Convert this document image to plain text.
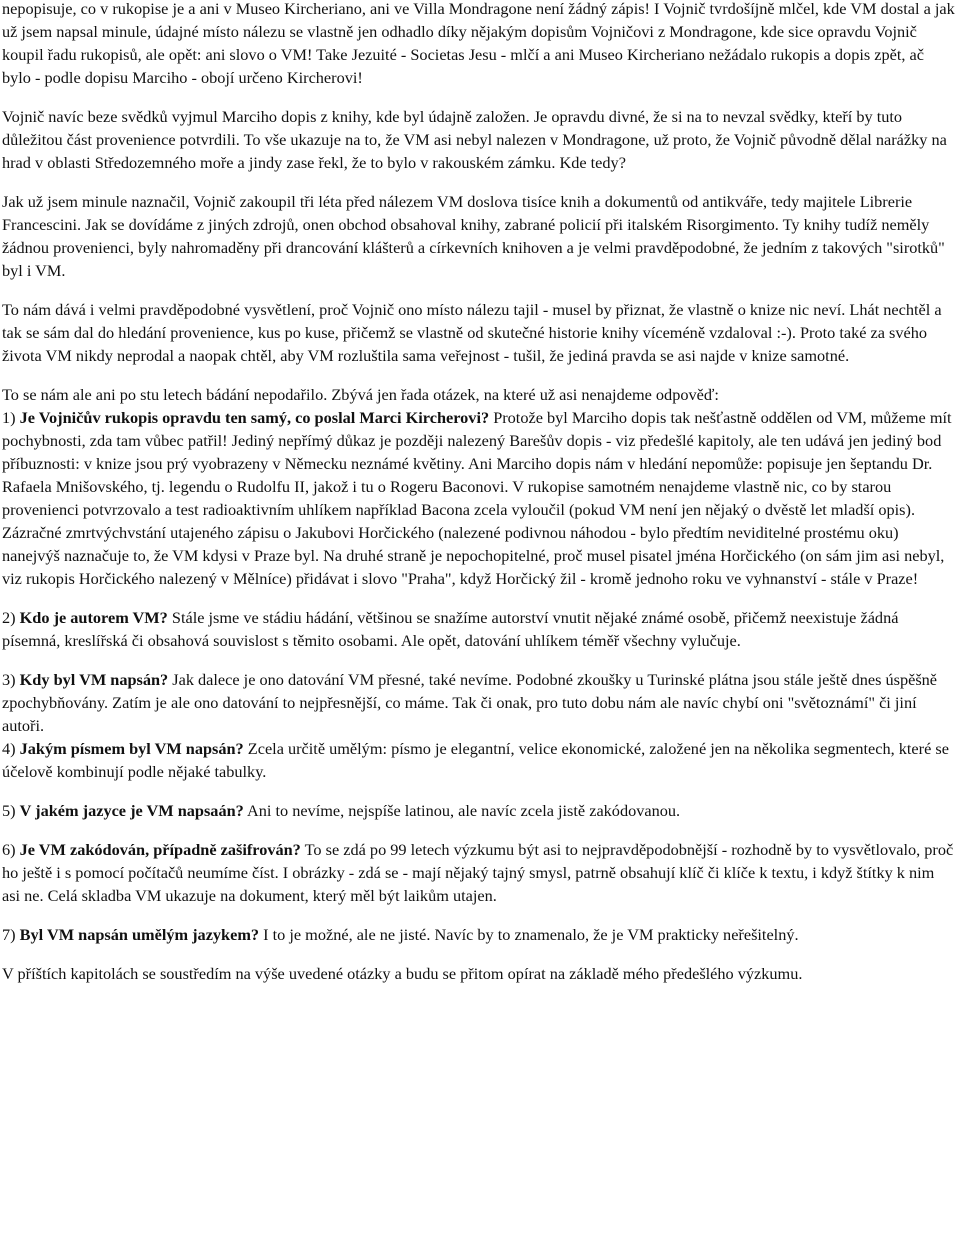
nepopisuje, co v rukopise je a ani v Museo Kircheriano, ani ve Villa Mondragone není žádný zápis! I Vojnič tvrdošíjně mlčel, kde VM dostal a jak už jsem napsal minule, údajné místo nálezu se vlastně jen odhadlo díky nějakým dopisům Vojničovi z Mondragone, kde sice opravdu Vojnič koupil řadu rukopisů, ale opět: ani slovo o VM! Take Jezuité - Societas Jesu - mlčí a ani Museo Kircheriano nežádalo rukopis a dopis zpět, ač bylo - podle dopisu Marciho - obojí určeno Kircherovi!

Vojnič navíc beze svědků vyjmul Marciho dopis z knihy, kde byl údajně založen. Je opravdu divné, že si na to nevzal svědky, kteří by tuto důležitou část provenience potvrdili. To vše ukazuje na to, že VM asi nebyl nalezen v Mondragone, už proto, že Vojnič původně dělal narážky na hrad v oblasti Středozemného moře a jindy zase řekl, že to bylo v rakouském zámku. Kde tedy?

Jak už jsem minule naznačil, Vojnič zakoupil tři léta před nálezem VM doslova tisíce knih a dokumentů od antikváře, tedy majitele Librerie Francescini. Jak se dovídáme z jiných zdrojů, onen obchod obsahoval knihy, zabrané policií při italském Risorgimento. Ty knihy tudíž neměly žádnou provenienci, byly nahromaděny při drancování klášterů a církevních knihoven a je velmi pravděpodobné, že jedním z takových "sirotků" byl i VM.

To nám dává i velmi pravděpodobné vysvětlení, proč Vojnič ono místo nálezu tajil - musel by přiznat, že vlastně o knize nic neví. Lhát nechtěl a tak se sám dal do hledání provenience, kus po kuse, přičemž se vlastně od skutečné historie knihy víceméně vzdaloval :-). Proto také za svého života VM nikdy neprodal a naopak chtěl, aby VM rozluštila sama veřejnost - tušil, že jediná pravda se asi najde v knize samotné.

To se nám ale ani po stu letech bádání nepodařilo. Zbývá jen řada otázek, na které už asi nenajdeme odpověď:

1) Je Vojničův rukopis opravdu ten samý, co poslal Marci Kircherovi? Protože byl Marciho dopis tak nešťastně oddělen od VM, můžeme mít pochybnosti, zda tam vůbec patřil! Jediný nepřímý důkaz je později nalezený Barešův dopis - viz předešlé kapitoly, ale ten udává jen jediný bod příbuznosti: v knize jsou prý vyobrazeny v Německu neznámé květiny. Ani Marciho dopis nám v hledání nepomůže: popisuje jen šeptandu Dr. Rafaela Mnišovského, tj. legendu o Rudolfu II, jakož i tu o Rogeru Baconovi. V rukopise samotném nenajdeme vlastně nic, co by starou provenienci potvrzovalo a test radioaktivním uhlíkem například Bacona zcela vyloučil (pokud VM není jen nějaký o dvěstě let mladší opis). Zázračné zmrtvýchvstání utajeného zápisu o Jakubovi Horčického (nalezené podivnou náhodou - bylo předtím neviditelné prostému oku) nanejvýš naznačuje to, že VM kdysi v Praze byl. Na druhé straně je nepochopitelné, proč musel pisatel jména Horčického (on sám jim asi nebyl, viz rukopis Horčického nalezený v Mělníce) přidávat i slovo "Praha", když Horčický žil - kromě jednoho roku ve vyhnanství - stále v Praze!

2) Kdo je autorem VM? Stále jsme ve stádiu hádání, většinou se snažíme autorství vnutit nějaké známé osobě, přičemž neexistuje žádná písemná, kreslířská či obsahová souvislost s těmito osobami. Ale opět, datování uhlíkem téměř všechny vylučuje.

3) Kdy byl VM napsán? Jak dalece je ono datování VM přesné, také nevíme. Podobné zkoušky u Turinské plátna jsou stále ještě dnes úspěšně zpochybňovány. Zatím je ale ono datování to nejpřesnější, co máme. Tak či onak, pro tuto dobu nám ale navíc chybí oni "světoznámí" či jiní autoři.

4) Jakým písmem byl VM napsán? Zcela určitě umělým: písmo je elegantní, velice ekonomické, založené jen na několika segmentech, které se účelově kombinují podle nějaké tabulky.

5) V jakém jazyce je VM napsaán? Ani to nevíme, nejspíše latinou, ale navíc zcela jistě zakódovanou.

6) Je VM zakódován, případně zašifrován? To se zdá po 99 letech výzkumu být asi to nejpravděpodobnější - rozhodně by to vysvětlovalo, proč ho ještě i s pomocí počítačů neumíme číst. I obrázky - zdá se - mají nějaký tajný smysl, patrně obsahují klíč či klíče k textu, i když štítky k nim asi ne. Celá skladba VM ukazuje na dokument, který měl být laikům utajen.

7) Byl VM napsán umělým jazykem? I to je možné, ale ne jisté. Navíc by to znamenalo, že je VM prakticky neřešitelný.

V příštích kapitolách se soustředím na výše uvedené otázky a budu se přitom opírat na základě mého předešlého výzkumu.
